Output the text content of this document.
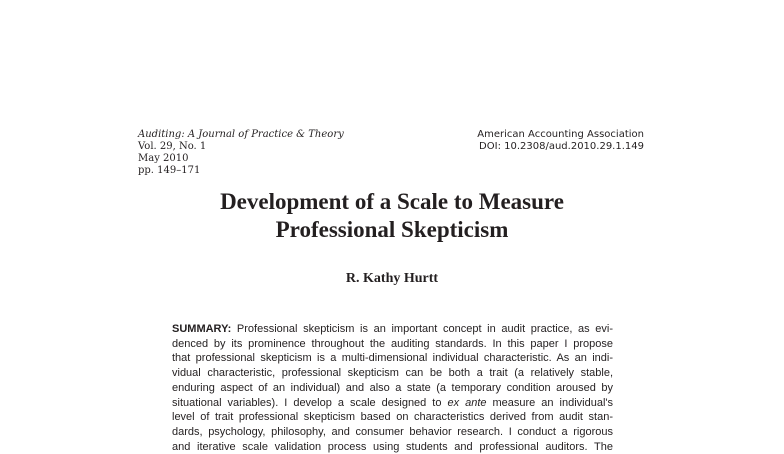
Auditing: A Journal of Practice & Theory
Vol. 29, No. 1
May 2010
pp. 149–171
American Accounting Association
DOI: 10.2308/aud.2010.29.1.149
Development of a Scale to Measure
Professional Skepticism
R. Kathy Hurtt
SUMMARY: Professional skepticism is an important concept in audit practice, as evi-
denced by its prominence throughout the auditing standards. In this paper I propose
that professional skepticism is a multi-dimensional individual characteristic. As an indi-
vidual characteristic, professional skepticism can be both a trait (a relatively stable,
enduring aspect of an individual) and also a state (a temporary condition aroused by
situational variables). I develop a scale designed to ex ante measure an individual's
level of trait professional skepticism based on characteristics derived from audit stan-
dards, psychology, philosophy, and consumer behavior research. I conduct a rigorous
and iterative scale validation process using students and professional auditors. The
